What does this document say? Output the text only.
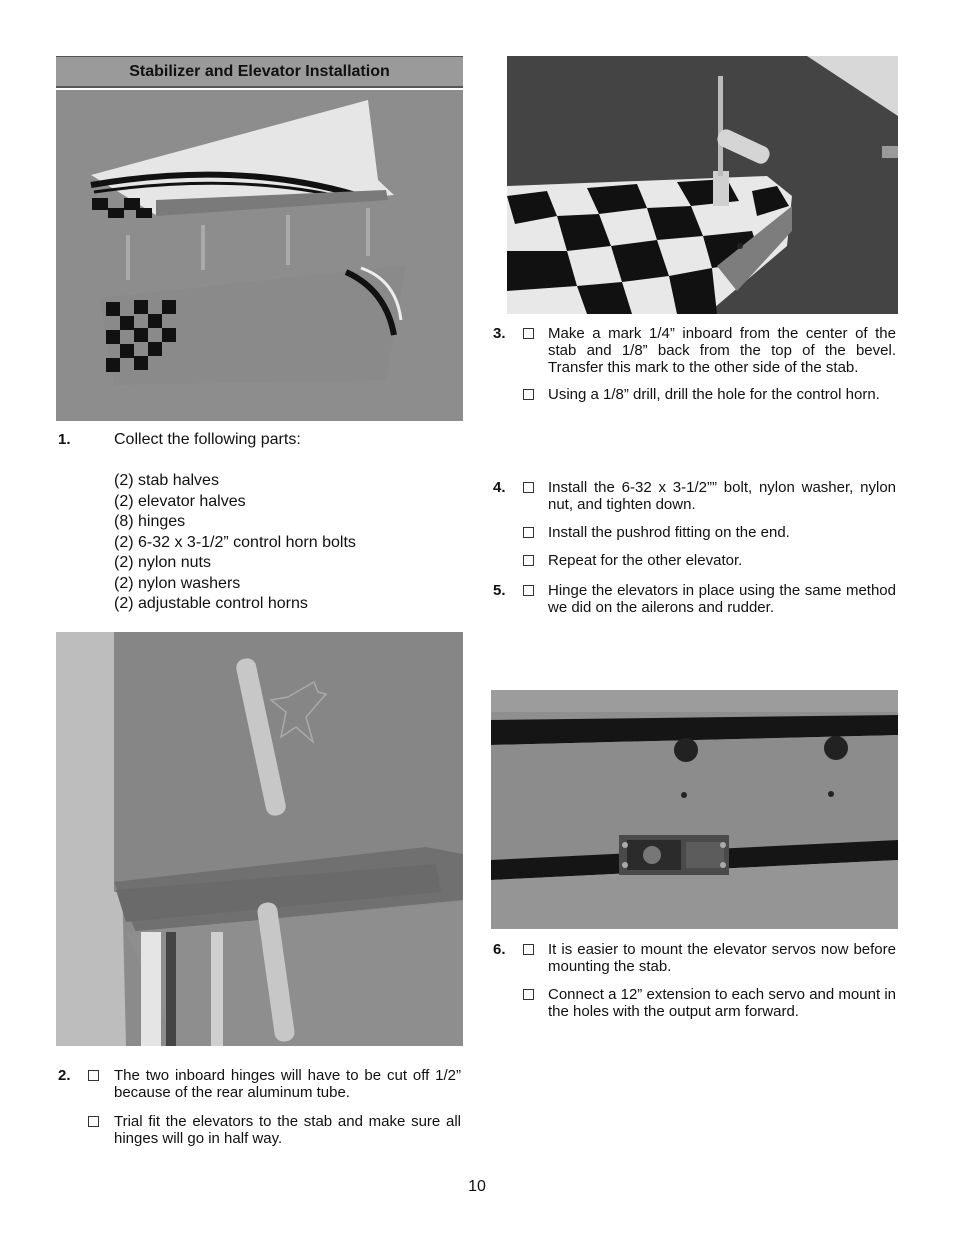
Stabilizer and Elevator Installation
1.	Collect the following parts:
(2) stab halves
(2) elevator halves
(8) hinges
(2) 6-32 x 3-1/2” control horn bolts
(2) nylon nuts
(2) nylon washers
(2) adjustable control horns
2.	The two inboard hinges will have to be cut off 1/2” because of the rear aluminum tube.
Trial fit the elevators to the stab and make sure all hinges will go in half way.
3.	Make a mark 1/4” inboard from the center of the stab and 1/8” back from the top of the bevel. Transfer this mark to the other side of the stab.
Using a 1/8” drill, drill the hole for the control horn.
4.	Install the 6-32 x 3-1/2”” bolt, nylon washer, nylon nut, and tighten down.
Install the pushrod fitting on the end.
Repeat for the other elevator.
5.	Hinge the elevators in place using the same method we did on the ailerons and rudder.
6.	It is easier to mount the elevator servos now before mounting the stab.
Connect a 12” extension to each servo and mount in the holes with the output arm forward.
10
